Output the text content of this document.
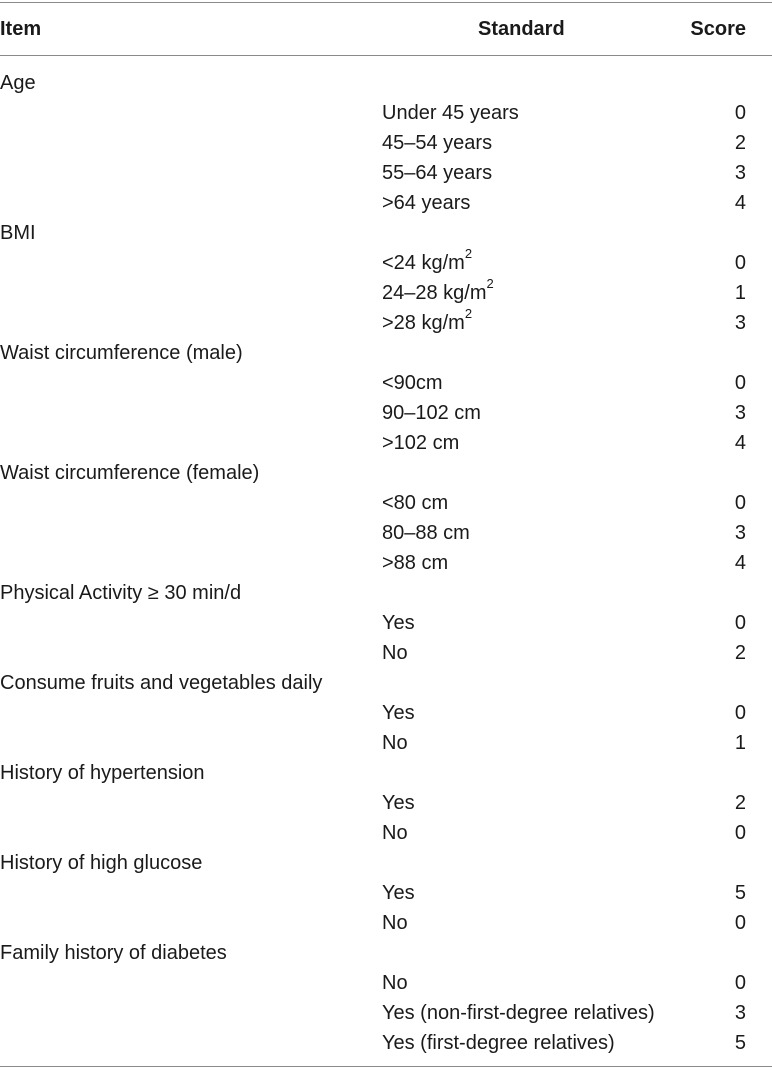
Item	Standard	Score
Age
Under 45 years	0
45–54 years	2
55–64 years	3
>64 years	4
BMI
<24 $kg/m^2$	0
24–28 $kg/m^2$	1
>28 $kg/m^2$	3
Waist circumference (male)
<90cm	0
90–102 cm	3
>102 cm	4
Waist circumference (female)
<80 cm	0
80–88 cm	3
>88 cm	4
Physical Activity ≥ 30 min/d
Yes	0
No	2
Consume fruits and vegetables daily
Yes	0
No	1
History of hypertension
Yes	2
No	0
History of high glucose
Yes	5
No	0
Family history of diabetes
No	0
Yes (non-first-degree relatives)	3
Yes (first-degree relatives)	5
